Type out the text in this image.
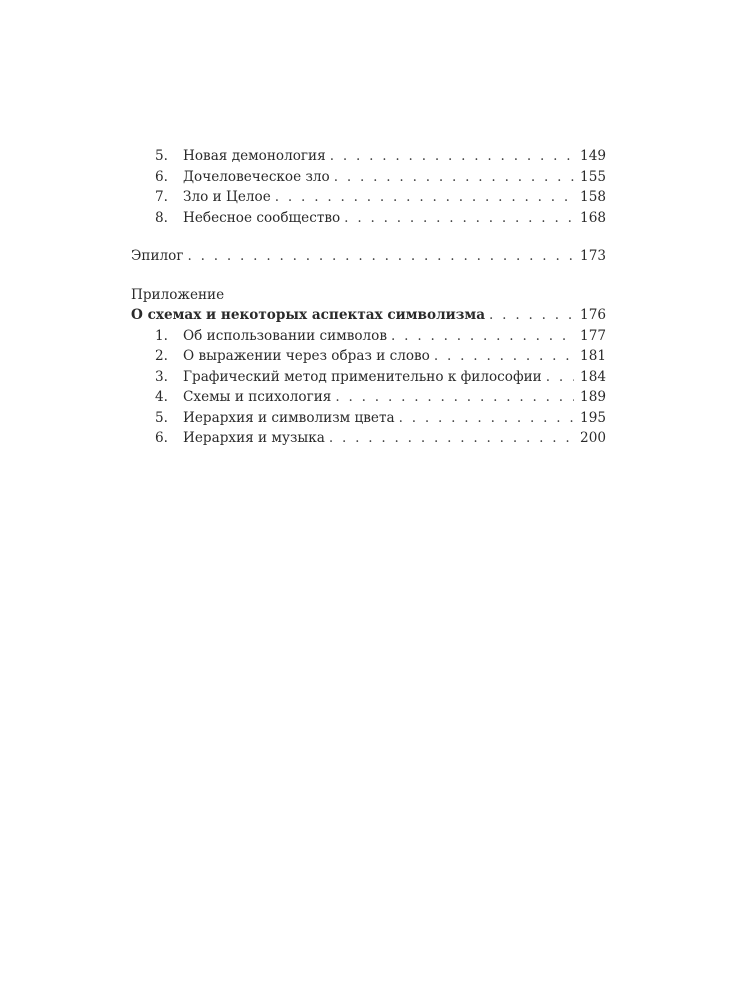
5.	Новая демонология . . .	149
6.	Дочеловеческое зло . . .	155
7.	Зло и Целое . . .	158
8.	Небесное сообщество . . .	168
Эпилог . . .	173
Приложение
О схемах и некоторых аспектах символизма . . .	176
1.	Об использовании символов . . .	177
2.	О выражении через образ и слово . . .	181
3.	Графический метод применительно к философии . . .	184
4.	Схемы и психология . . .	189
5.	Иерархия и символизм цвета . . .	195
6.	Иерархия и музыка . . .	200
